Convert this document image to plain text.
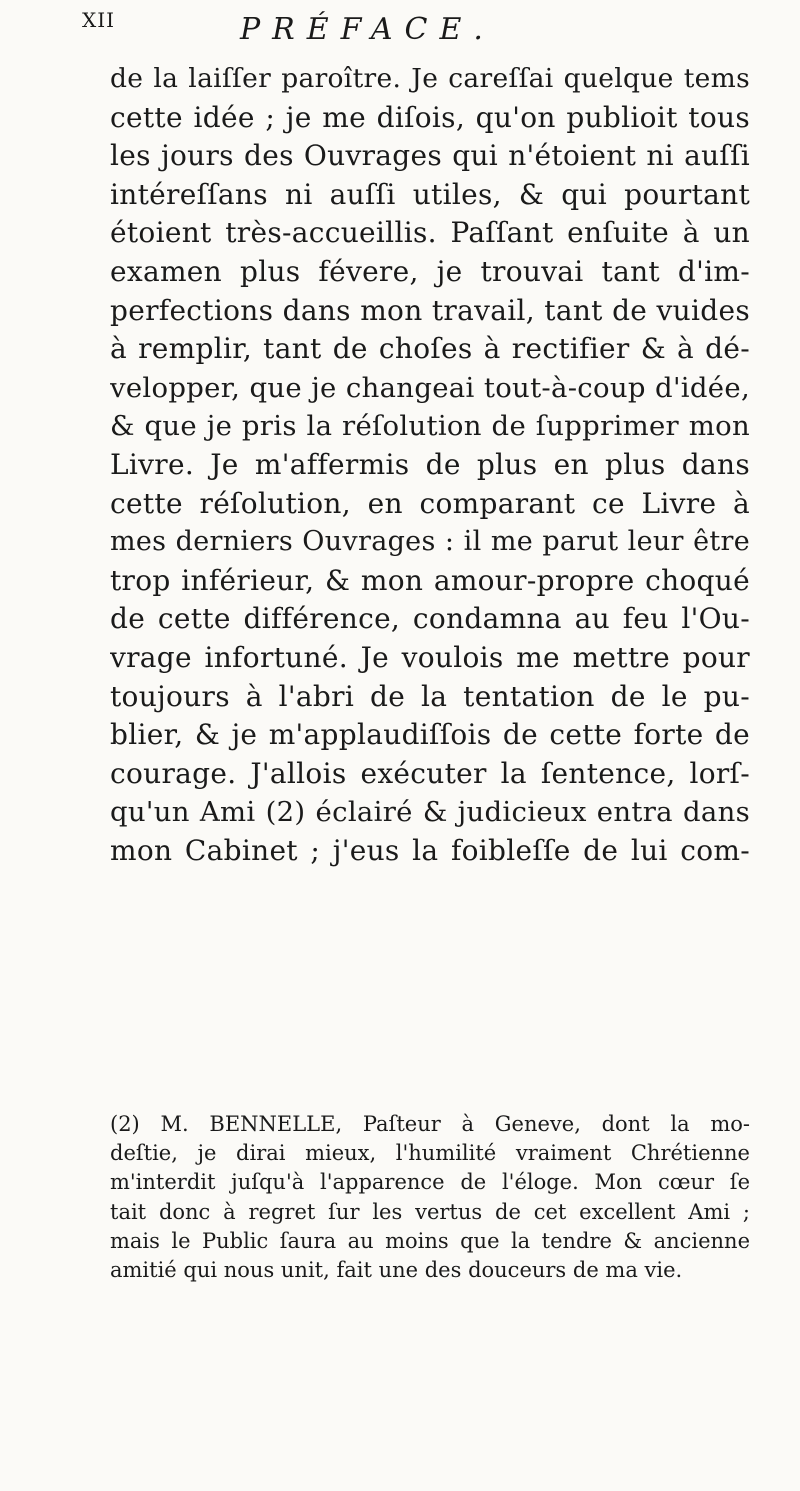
XII	PRÉFACE.
de la laiſſer paroître. Je careſſai quelque tems
cette idée ; je me diſois, qu'on publioit tous
les jours des Ouvrages qui n'étoient ni auſſi
intéreſſans ni auſſi utiles, & qui pourtant
étoient très-accueillis. Paſſant enſuite à un
examen plus févere, je trouvai tant d'im-
perfections dans mon travail, tant de vuides
à remplir, tant de choſes à rectifier & à dé-
velopper, que je changeai tout-à-coup d'idée,
& que je pris la réſolution de ſupprimer mon
Livre. Je m'affermis de plus en plus dans
cette réſolution, en comparant ce Livre à
mes derniers Ouvrages : il me parut leur être
trop inférieur, & mon amour-propre choqué
de cette différence, condamna au feu l'Ou-
vrage infortuné. Je voulois me mettre pour
toujours à l'abri de la tentation de le pu-
blier, & je m'applaudiſſois de cette forte de
courage. J'allois exécuter la ſentence, lorſ-
qu'un Ami (2) éclairé & judicieux entra dans
mon Cabinet ; j'eus la foibleſſe de lui com-
(2) M. BENNELLE, Paſteur à Geneve, dont la mo-
deſtie, je dirai mieux, l'humilité vraiment Chrétienne
m'interdit juſqu'à l'apparence de l'éloge. Mon cœur ſe
tait donc à regret ſur les vertus de cet excellent Ami ;
mais le Public ſaura au moins que la tendre & ancienne
amitié qui nous unit, fait une des douceurs de ma vie.
